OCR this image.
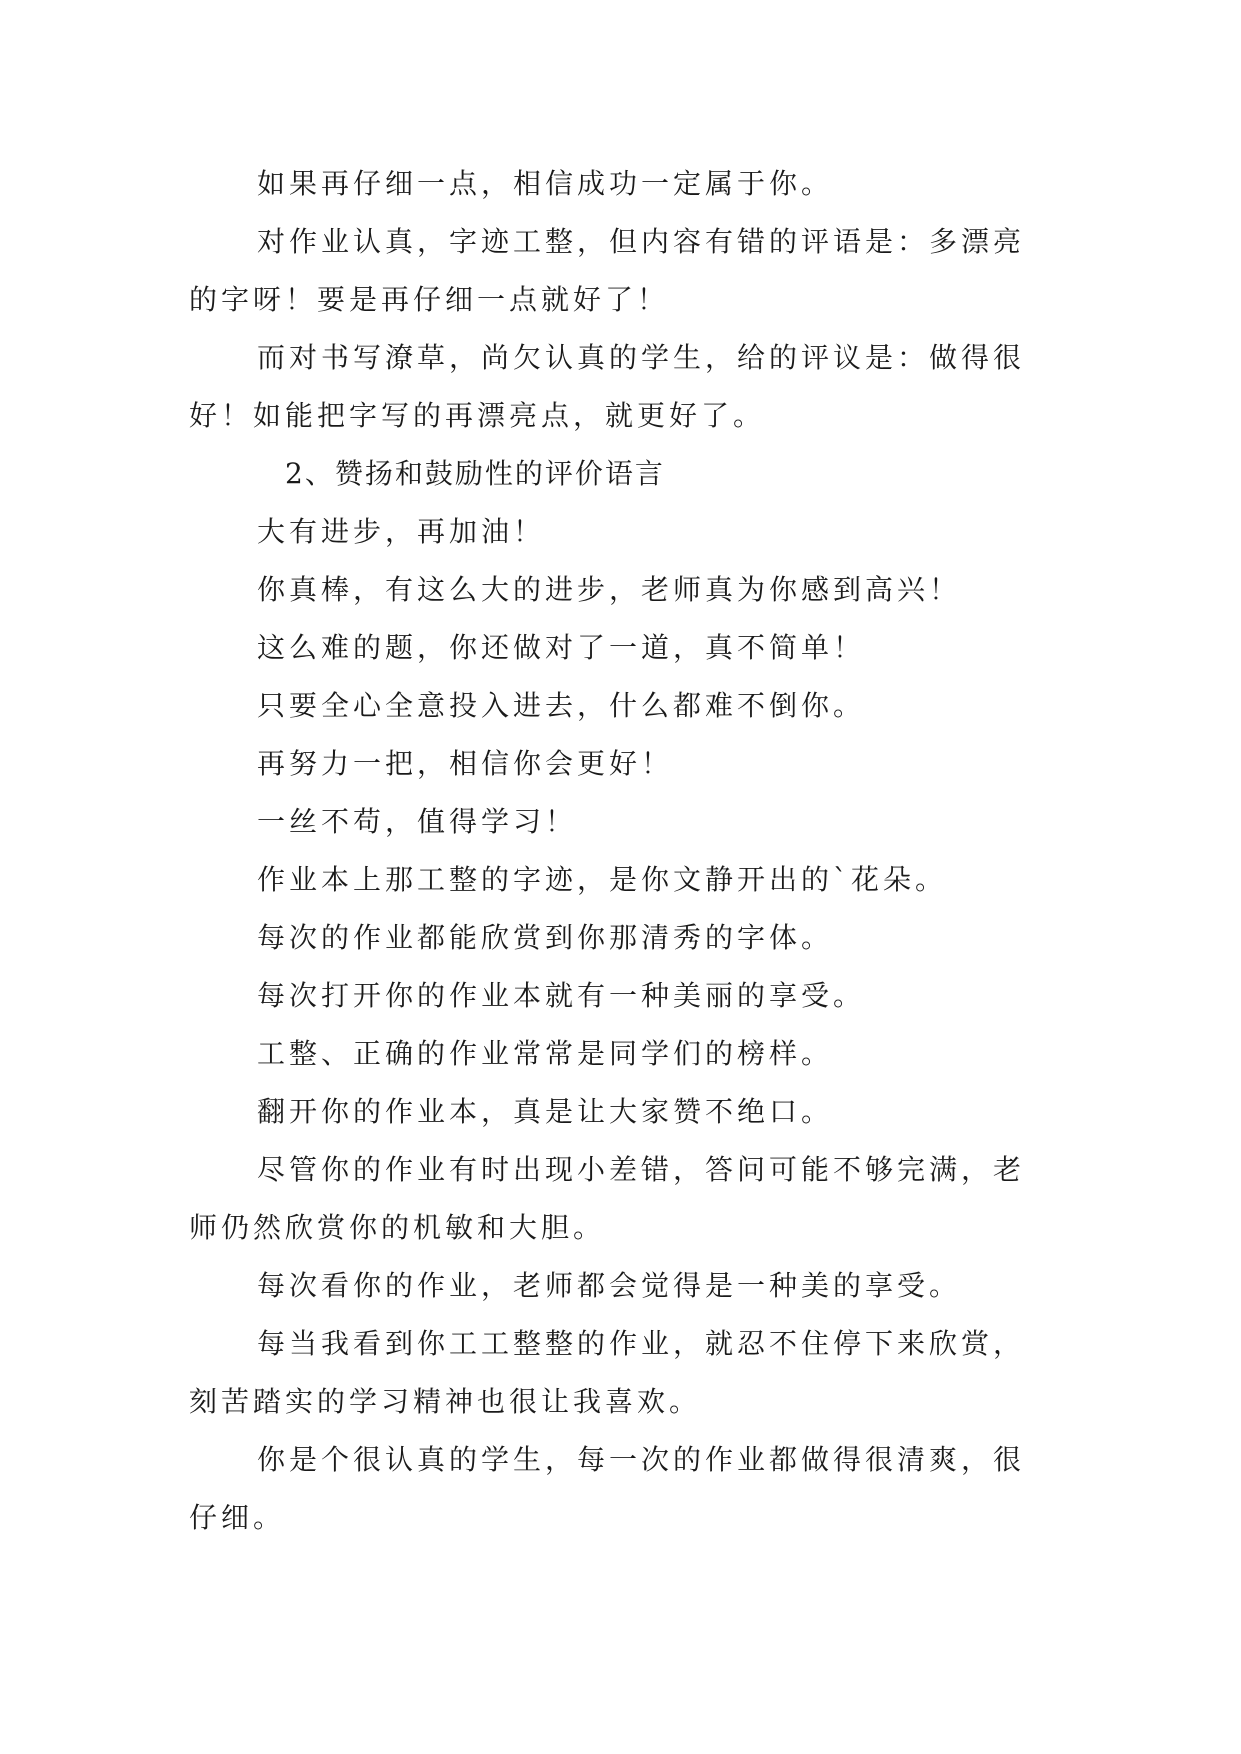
如果再仔细一点，相信成功一定属于你。

对作业认真，字迹工整，但内容有错的评语是：多漂亮的字呀！要是再仔细一点就好了！

而对书写潦草，尚欠认真的学生，给的评议是：做得很好！如能把字写的再漂亮点，就更好了。

2、赞扬和鼓励性的评价语言

大有进步，再加油！

你真棒，有这么大的进步，老师真为你感到高兴！

这么难的题，你还做对了一道，真不简单！

只要全心全意投入进去，什么都难不倒你。

再努力一把，相信你会更好！

一丝不苟，值得学习！

作业本上那工整的字迹，是你文静开出的`花朵。

每次的作业都能欣赏到你那清秀的字体。

每次打开你的作业本就有一种美丽的享受。

工整、正确的作业常常是同学们的榜样。

翻开你的作业本，真是让大家赞不绝口。

尽管你的作业有时出现小差错，答问可能不够完满，老师仍然欣赏你的机敏和大胆。

每次看你的作业，老师都会觉得是一种美的享受。

每当我看到你工工整整的作业，就忍不住停下来欣赏，刻苦踏实的学习精神也很让我喜欢。

你是个很认真的学生，每一次的作业都做得很清爽，很仔细。
